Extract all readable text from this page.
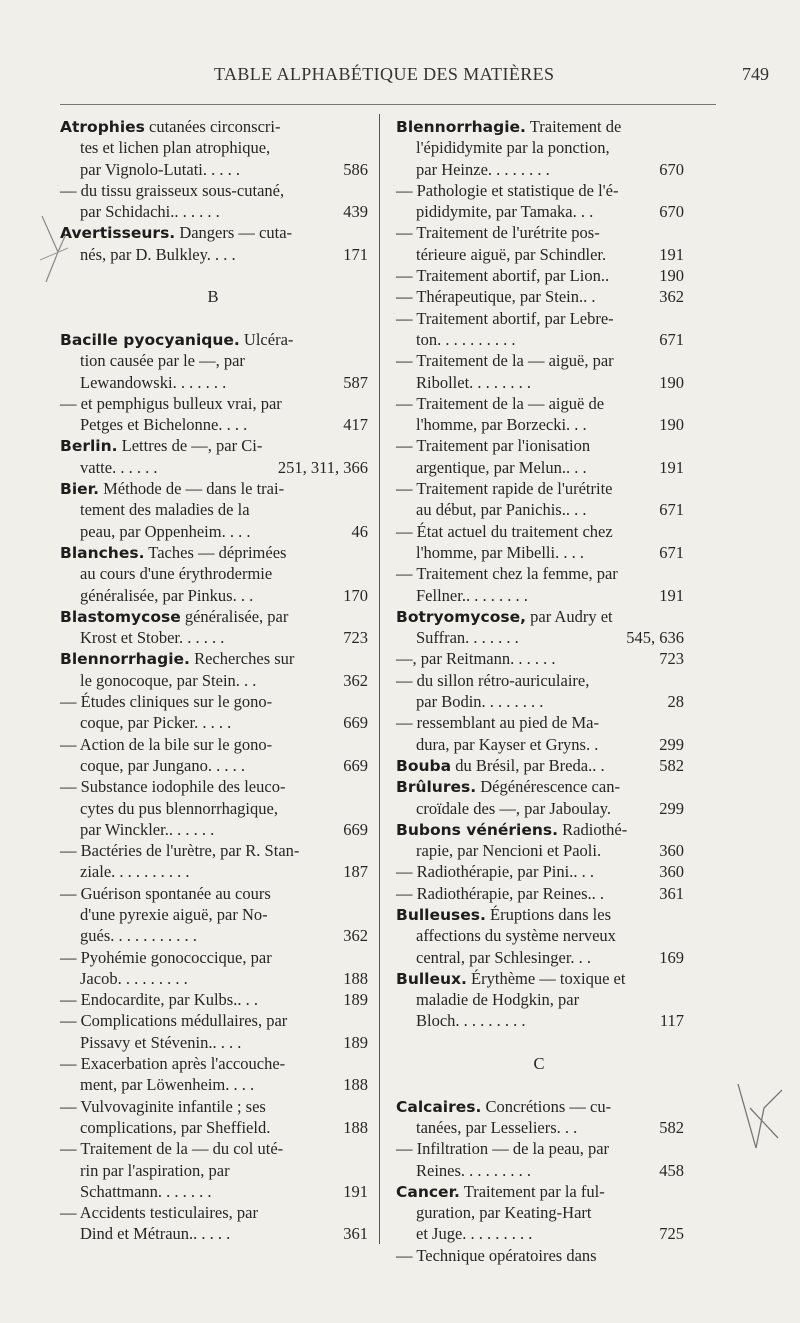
TABLE ALPHABÉTIQUE DES MATIÈRES	749
Atrophies cutanées circonscri-
tes et lichen plan atrophique,
par Vignolo-Lutati. . . . .	586
— du tissu graisseux sous-cutané,
par Schidachi.. . . . . .	439
Avertisseurs. Dangers — cuta-
nés, par D. Bulkley. . . .	171
B
Bacille pyocyanique. Ulcéra-
tion causée par le —, par
Lewandowski. . . . . . .	587
— et pemphigus bulleux vrai, par
Petges et Bichelonne. . . .	417
Berlin. Lettres de —, par Ci-
vatte. . . . . .	251, 311, 366
Bier. Méthode de — dans le trai-
tement des maladies de la
peau, par Oppenheim. . . .	46
Blanches. Taches — déprimées
au cours d'une érythrodermie
généralisée, par Pinkus. . .	170
Blastomycose généralisée, par
Krost et Stober. . . . . .	723
Blennorrhagie. Recherches sur
le gonocoque, par Stein. . .	362
— Études cliniques sur le gono-
coque, par Picker. . . . .	669
— Action de la bile sur le gono-
coque, par Jungano. . . . .	669
— Substance iodophile des leuco-
cytes du pus blennorrhagique,
par Winckler.. . . . . .	669
— Bactéries de l'urètre, par R. Stan-
ziale. . . . . . . . . .	187
— Guérison spontanée au cours
d'une pyrexie aiguë, par No-
gués. . . . . . . . . . .	362
— Pyohémie gonococcique, par
Jacob. . . . . . . . .	188
— Endocardite, par Kulbs.. . .	189
— Complications médullaires, par
Pissavy et Stévenin.. . . .	189
— Exacerbation après l'accouche-
ment, par Löwenheim. . . .	188
— Vulvovaginite infantile ; ses
complications, par Sheffield.	188
— Traitement de la — du col uté-
rin par l'aspiration, par
Schattmann. . . . . . .	191
— Accidents testiculaires, par
Dind et Métraun.. . . . .	361
Blennorrhagie. Traitement de
l'épididymite par la ponction,
par Heinze. . . . . . . .	670
— Pathologie et statistique de l'é-
pididymite, par Tamaka. . .	670
— Traitement de l'urétrite pos-
térieure aiguë, par Schindler.	191
— Traitement abortif, par Lion..	190
— Thérapeutique, par Stein.. .	362
— Traitement abortif, par Lebre-
ton. . . . . . . . . .	671
— Traitement de la — aiguë, par
Ribollet. . . . . . . .	190
— Traitement de la — aiguë de
l'homme, par Borzecki. . .	190
— Traitement par l'ionisation
argentique, par Melun.. . .	191
— Traitement rapide de l'urétrite
au début, par Panichis.. . .	671
— État actuel du traitement chez
l'homme, par Mibelli. . . .	671
— Traitement chez la femme, par
Fellner.. . . . . . . .	191
Botryomycose, par Audry et
Suffran. . . . . . .	545, 636
—, par Reitmann. . . . . .	723
— du sillon rétro-auriculaire,
par Bodin. . . . . . . .	28
— ressemblant au pied de Ma-
dura, par Kayser et Gryns. .	299
Bouba du Brésil, par Breda.. .	582
Brûlures. Dégénérescence can-
croïdale des —, par Jaboulay.	299
Bubons vénériens. Radiothé-
rapie, par Nencioni et Paoli.	360
— Radiothérapie, par Pini.. . .	360
— Radiothérapie, par Reines.. .	361
Bulleuses. Éruptions dans les
affections du système nerveux
central, par Schlesinger. . .	169
Bulleux. Érythème — toxique et
maladie de Hodgkin, par
Bloch. . . . . . . . .	117
C
Calcaires. Concrétions — cu-
tanées, par Lesseliers. . .	582
— Infiltration — de la peau, par
Reines. . . . . . . . .	458
Cancer. Traitement par la ful-
guration, par Keating-Hart
et Juge. . . . . . . . .	725
— Technique opératoires dans
